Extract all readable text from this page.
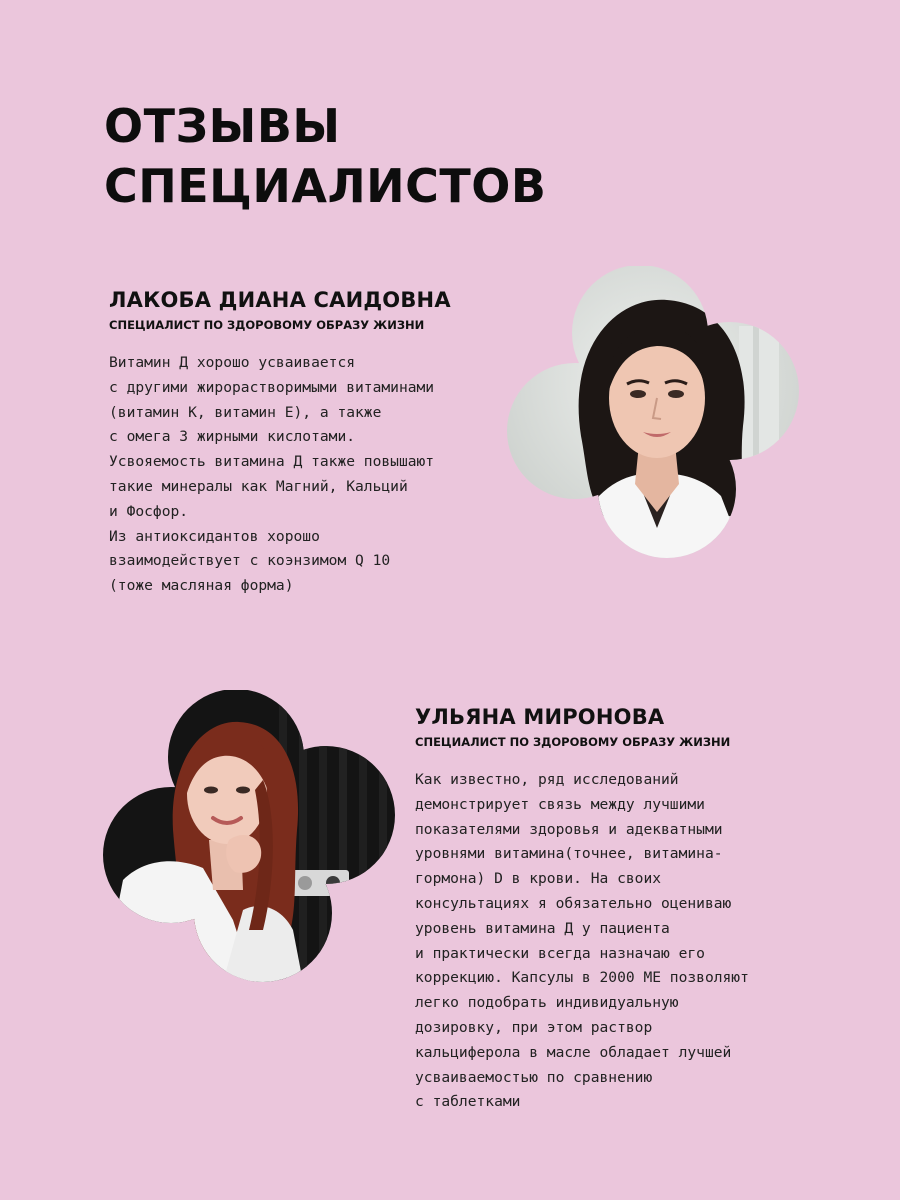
ОТЗЫВЫ
СПЕЦИАЛИСТОВ
ЛАКОБА ДИАНА САИДОВНА

СПЕЦИАЛИСТ ПО ЗДОРОВОМУ ОБРАЗУ ЖИЗНИ

Витамин Д хорошо усваивается
с другими жирорастворимыми витаминами
(витамин К, витамин Е), а также
с омега 3 жирными кислотами.
Усвояемость витамина Д также повышают
такие минералы как Магний, Кальций
и Фосфор.
Из антиоксидантов хорошо
взаимодействует с коэнзимом Q 10
(тоже масляная форма)

УЛЬЯНА МИРОНОВА

СПЕЦИАЛИСТ ПО ЗДОРОВОМУ ОБРАЗУ ЖИЗНИ

Как известно, ряд исследований
демонстрирует связь между лучшими
показателями здоровья и адекватными
уровнями витамина(точнее, витамина-
гормона) D в крови. На своих
консультациях я обязательно оцениваю
уровень витамина Д у пациента
и практически всегда назначаю его
коррекцию. Капсулы в 2000 МЕ позволяют
легко подобрать индивидуальную
дозировку, при этом раствор
кальциферола в масле обладает лучшей
усваиваемостью по сравнению
с таблетками
